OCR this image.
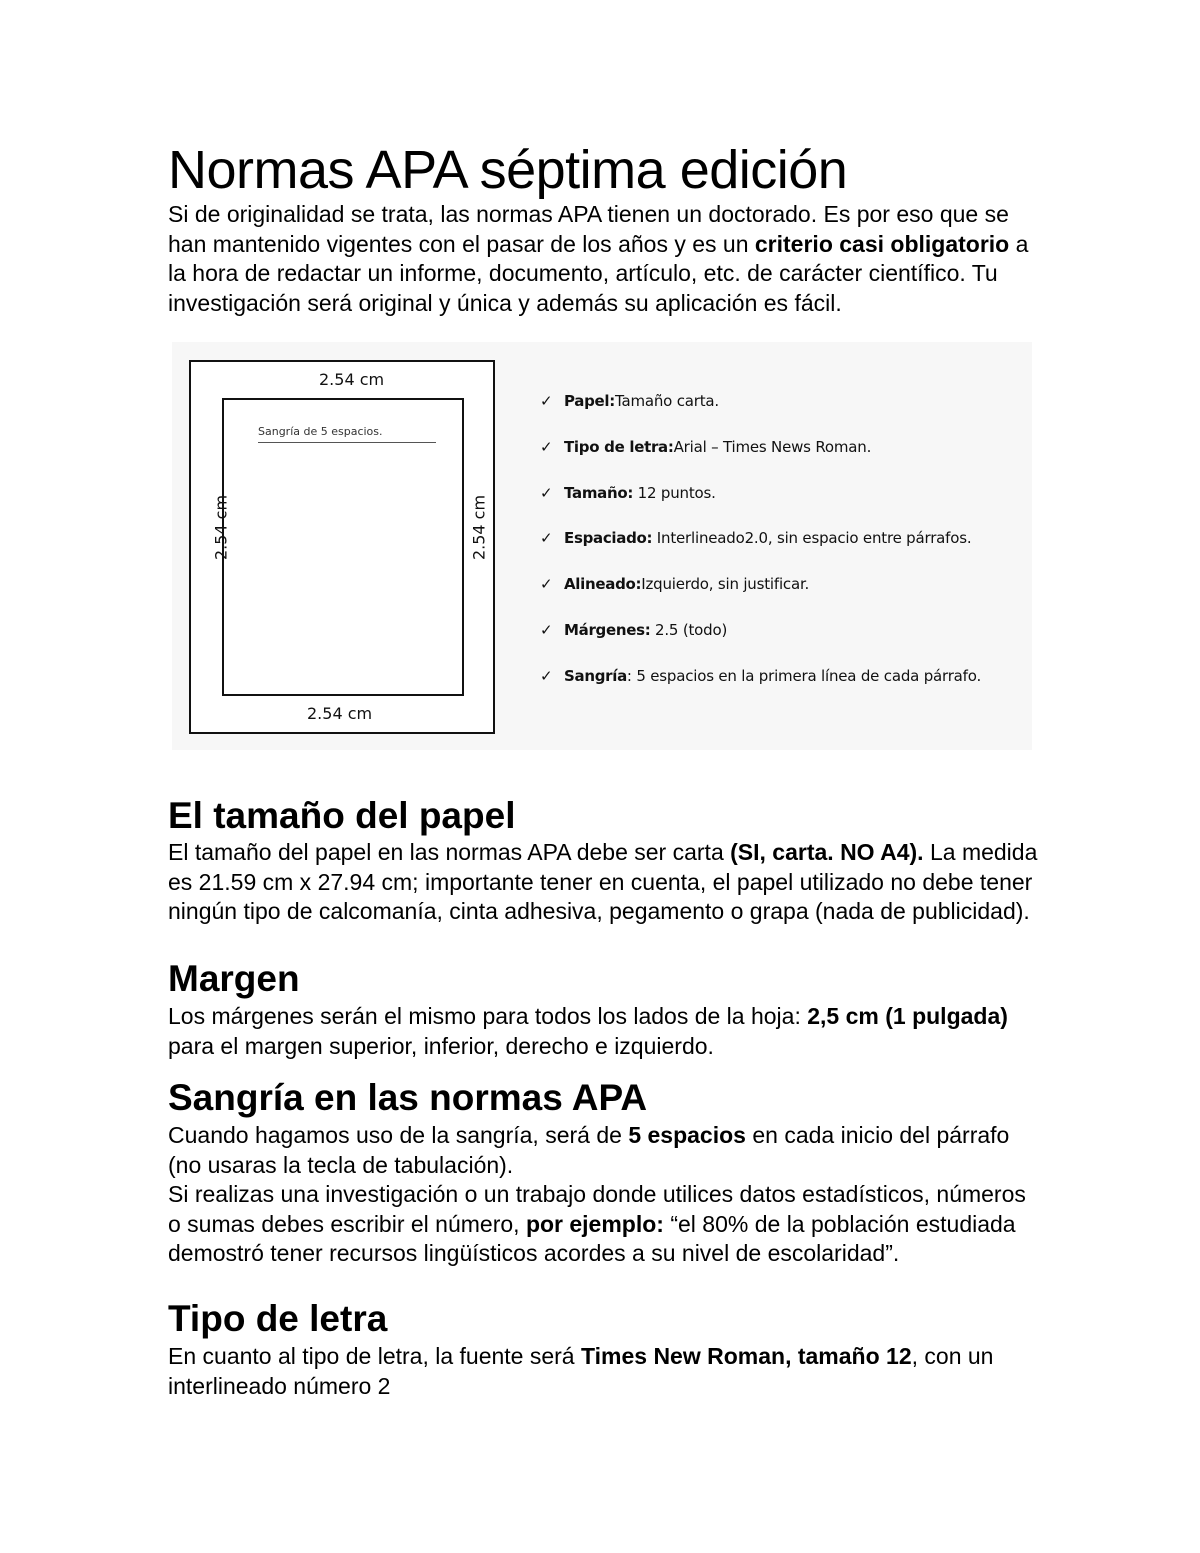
Normas APA séptima edición

Si de originalidad se trata, las normas APA tienen un doctorado. Es por eso que se han mantenido vigentes con el pasar de los años y es un criterio casi obligatorio a la hora de redactar un informe, documento, artículo, etc. de carácter científico. Tu investigación será original y única y además su aplicación es fácil.

El tamaño del papel

El tamaño del papel en las normas APA debe ser carta (SI, carta. NO A4). La medida es 21.59 cm x 27.94 cm; importante tener en cuenta, el papel utilizado no debe tener ningún tipo de calcomanía, cinta adhesiva, pegamento o grapa (nada de publicidad).

Margen

Los márgenes serán el mismo para todos los lados de la hoja: 2,5 cm (1 pulgada) para el margen superior, inferior, derecho e izquierdo.

Sangría en las normas APA

Cuando hagamos uso de la sangría, será de 5 espacios en cada inicio del párrafo (no usaras la tecla de tabulación).

Si realizas una investigación o un trabajo donde utilices datos estadísticos, números o sumas debes escribir el número, por ejemplo: “el 80% de la población estudiada demostró tener recursos lingüísticos acordes a su nivel de escolaridad”.

Tipo de letra

En cuanto al tipo de letra, la fuente será Times New Roman, tamaño 12, con un interlineado número 2

2.54 cm
2.54 cm
2.54 cm	2.54 cm
Sangría de 5 espacios.
✓ Papel:Tamaño carta.
✓ Tipo de letra:Arial – Times News Roman.
✓ Tamaño: 12 puntos.
✓ Espaciado: Interlineado2.0, sin espacio entre párrafos.
✓ Alineado:Izquierdo, sin justificar.
✓ Márgenes: 2.5 (todo)
✓ Sangría: 5 espacios en la primera línea de cada párrafo.
